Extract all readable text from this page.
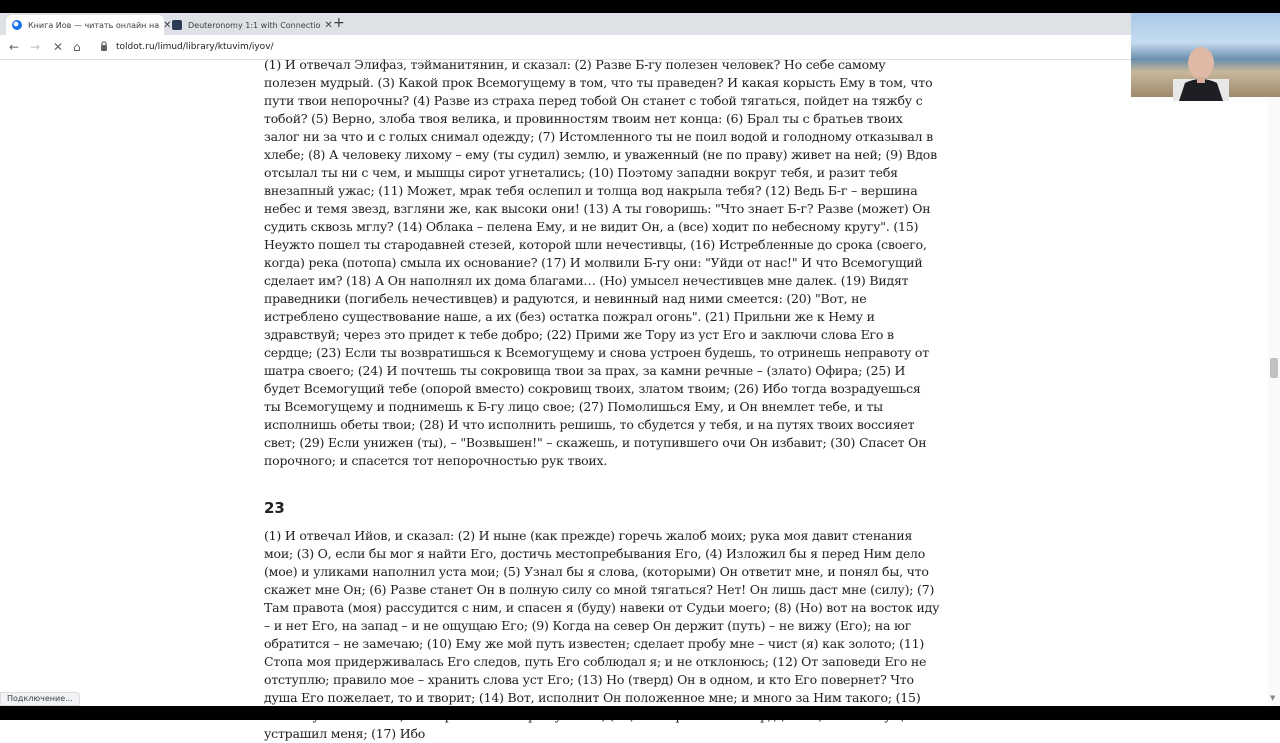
Книга Иов — читать онлайн на ✕ Deuteronomy 1:1 with Connectio ✕ +
← → ✕ ⌂	toldot.ru/limud/library/ktuvim/iyov/

(1) И отвечал Элифаз, тэйманитянин, и сказал: (2) Разве Б-гу полезен человек? Но себе самому полезен мудрый. (3) Какой прок Всемогущему в том, что ты праведен? И какая корысть Ему в том, что пути твои непорочны? (4) Разве из страха перед тобой Он станет с тобой тягаться, пойдет на тяжбу с тобой? (5) Верно, злоба твоя велика, и провинностям твоим нет конца: (6) Брал ты с братьев твоих залог ни за что и с голых снимал одежду; (7) Истомленного ты не поил водой и голодному отказывал в хлебе; (8) А человеку лихому – ему (ты судил) землю, и уваженный (не по праву) живет на ней; (9) Вдов отсылал ты ни с чем, и мышцы сирот угнетались; (10) Поэтому западни вокруг тебя, и разит тебя внезапный ужас; (11) Может, мрак тебя ослепил и толща вод накрыла тебя? (12) Ведь Б-г – вершина небес и темя звезд, взгляни же, как высоки они! (13) А ты говоришь: "Что знает Б-г? Разве (может) Он судить сквозь мглу? (14) Облака – пелена Ему, и не видит Он, а (все) ходит по небесному кругу". (15) Неужто пошел ты стародавней стезей, которой шли нечестивцы, (16) Истребленные до срока (своего, когда) река (потопа) смыла их основание? (17) И молвили Б-гу они: "Уйди от нас!" И что Всемогущий сделает им? (18) А Он наполнял их дома благами… (Но) умысел нечестивцев мне далек. (19) Видят праведники (погибель нечестивцев) и радуются, и невинный над ними смеется: (20) "Вот, не истреблено существование наше, а их (без) остатка пожрал огонь". (21) Прильни же к Нему и здравствуй; через это придет к тебе добро; (22) Прими же Тору из уст Его и заключи слова Его в сердце; (23) Если ты возвратишься к Всемогущему и снова устроен будешь, то отринешь неправоту от шатра своего; (24) И почтешь ты сокровища твои за прах, за камни речные – (злато) Офира; (25) И будет Всемогущий тебе (опорой вместо) сокровищ твоих, златом твоим; (26) Ибо тогда возрадуешься ты Всемогущему и поднимешь к Б-гу лицо свое; (27) Помолишься Ему, и Он внемлет тебе, и ты исполнишь обеты твои; (28) И что исполнить решишь, то сбудется у тебя, и на путях твоих воссияет свет; (29) Если унижен (ты), – "Возвышен!" – скажешь, и потупившего очи Он избавит; (30) Спасет Он порочного; и спасется тот непорочностью рук твоих.

23

(1) И отвечал Ийов, и сказал: (2) И ныне (как прежде) горечь жалоб моих; рука моя давит стенания мои; (3) О, если бы мог я найти Его, достичь местопребывания Его, (4) Изложил бы я перед Ним дело (мое) и уликами наполнил уста мои; (5) Узнал бы я слова, (которыми) Он ответит мне, и понял бы, что скажет мне Он; (6) Разве станет Он в полную силу со мной тягаться? Нет! Он лишь даст мне (силу); (7) Там правота (моя) рассудится с ним, и спасен я (буду) навеки от Судьи моего; (8) (Но) вот на восток иду – и нет Его, на запад – и не ощущаю Его; (9) Когда на север Он держит (путь) – не вижу (Его); на юг обратится – не замечаю; (10) Ему же мой путь известен; сделает пробу мне – чист (я) как золото; (11) Стопа моя придерживалась Его следов, путь Его соблюдал я; и не отклонюсь; (12) От заповеди Его не отступлю; правило мое – хранить слова уст Его; (13) Но (тверд) Он в одном, и кто Его повернет? Что душа Его пожелает, то и творит; (14) Вот, исполнит Он положенное мне; и много за Ним такого; (15) устрашил меня; (17) Ибо

▼
Подключение...
